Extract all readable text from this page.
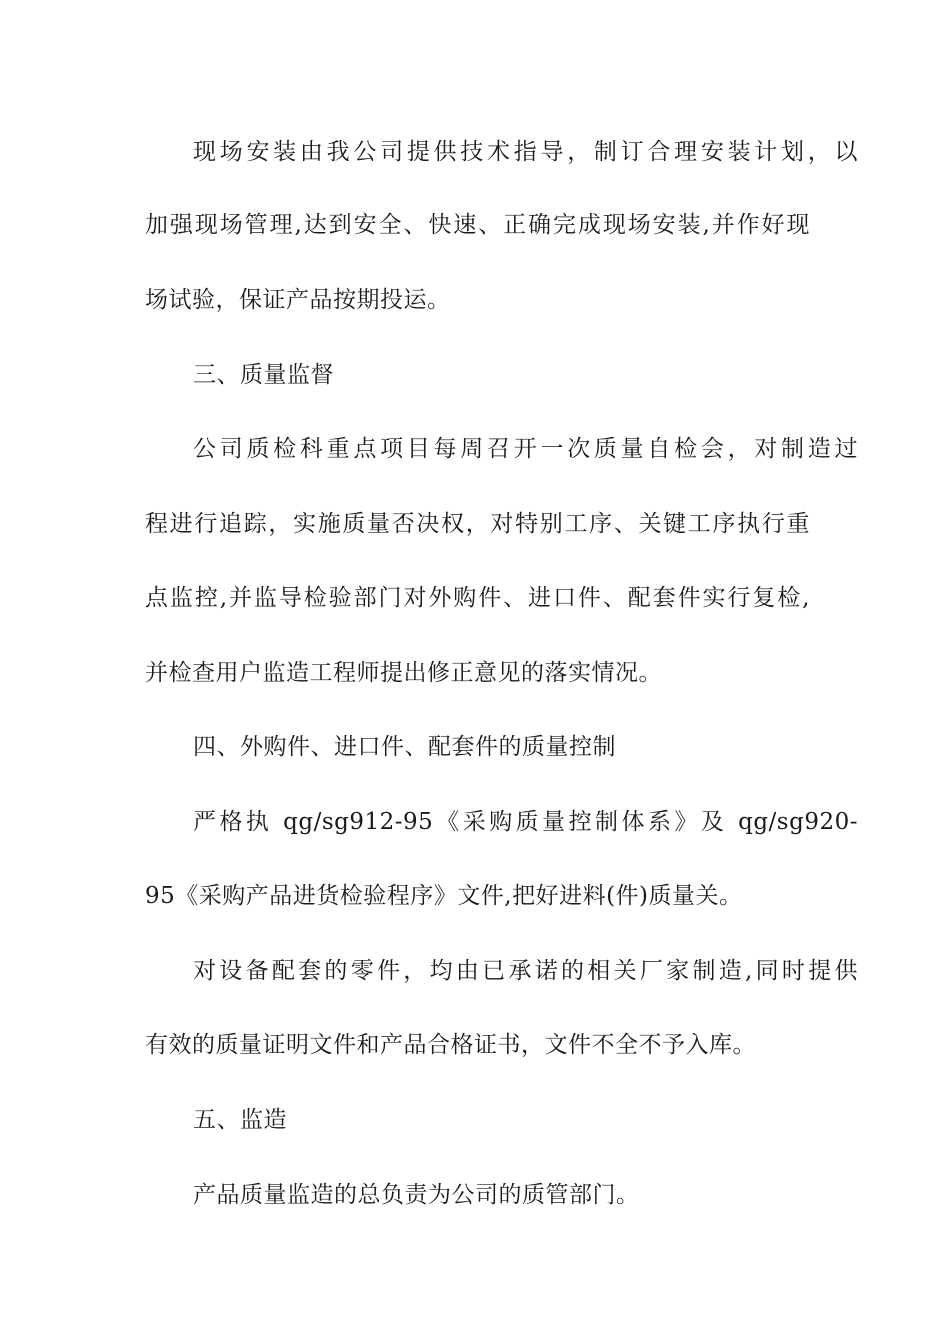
现场安装由我公司提供技术指导，制订合理安装计划，以
加强现场管理,达到安全、快速、正确完成现场安装,并作好现
场试验，保证产品按期投运。
三、质量监督
公司质检科重点项目每周召开一次质量自检会，对制造过
程进行追踪，实施质量否决权，对特别工序、关键工序执行重
点监控,并监导检验部门对外购件、进口件、配套件实行复检,
并检查用户监造工程师提出修正意见的落实情况。
四、外购件、进口件、配套件的质量控制
严格执 qg/sg912-95《采购质量控制体系》及 qg/sg920-
95《采购产品进货检验程序》文件,把好进料(件)质量关。
对设备配套的零件，均由已承诺的相关厂家制造,同时提供
有效的质量证明文件和产品合格证书，文件不全不予入库。
五、监造
产品质量监造的总负责为公司的质管部门。
